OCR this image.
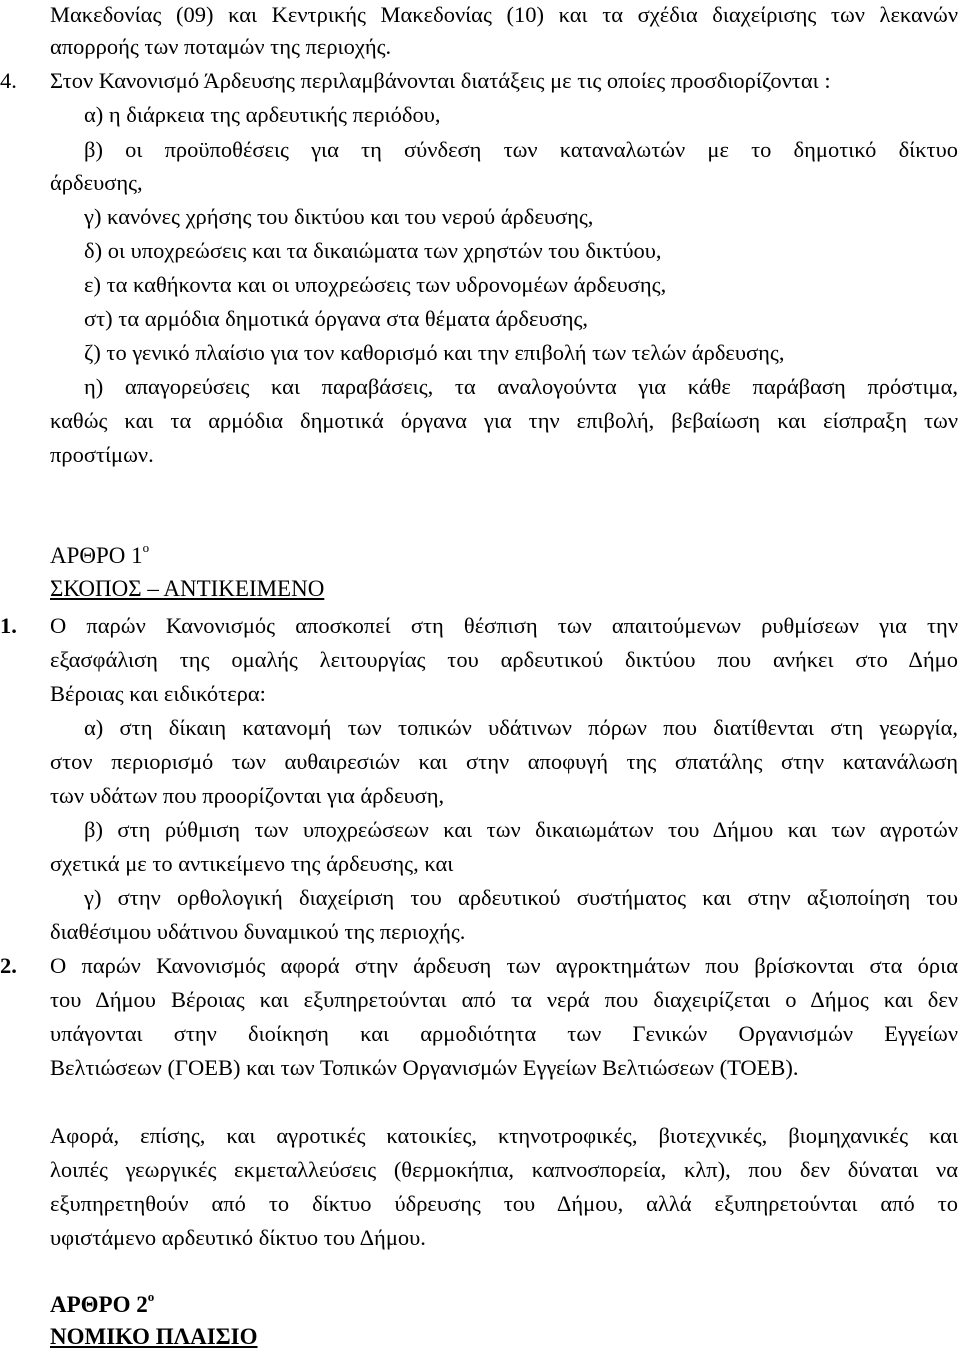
Μακεδονίας (09) και Κεντρικής Μακεδονίας (10) και τα σχέδια διαχείρισης των λεκανών
απορροής των ποταμών της περιοχής.
4. Στον Κανονισμό Άρδευσης περιλαμβάνονται διατάξεις με τις οποίες προσδιορίζονται :
α) η διάρκεια της αρδευτικής περιόδου,
β) οι προϋποθέσεις για τη σύνδεση των καταναλωτών με το δημοτικό δίκτυο
άρδευσης,
γ) κανόνες χρήσης του δικτύου και του νερού άρδευσης,
δ) οι υποχρεώσεις και τα δικαιώματα των χρηστών του δικτύου,
ε) τα καθήκοντα και οι υποχρεώσεις των υδρονομέων άρδευσης,
στ) τα αρμόδια δημοτικά όργανα στα θέματα άρδευσης,
ζ) το γενικό πλαίσιο για τον καθορισμό και την επιβολή των τελών άρδευσης,
η) απαγορεύσεις και παραβάσεις, τα αναλογούντα για κάθε παράβαση πρόστιμα,
καθώς και τα αρμόδια δημοτικά όργανα για την επιβολή, βεβαίωση και είσπραξη των
προστίμων.
ΑΡΘΡΟ $1^o$
ΣΚΟΠΟΣ – ΑΝΤΙΚΕΙΜΕΝΟ
1. Ο παρών Κανονισμός αποσκοπεί στη θέσπιση των απαιτούμενων ρυθμίσεων για την
εξασφάλιση της ομαλής λειτουργίας του αρδευτικού δικτύου που ανήκει στο Δήμο
Βέροιας και ειδικότερα:
α) στη δίκαιη κατανομή των τοπικών υδάτινων πόρων που διατίθενται στη γεωργία,
στον περιορισμό των αυθαιρεσιών και στην αποφυγή της σπατάλης στην κατανάλωση
των υδάτων που προορίζονται για άρδευση,
β) στη ρύθμιση των υποχρεώσεων και των δικαιωμάτων του Δήμου και των αγροτών
σχετικά με το αντικείμενο της άρδευσης, και
γ) στην ορθολογική διαχείριση του αρδευτικού συστήματος και στην αξιοποίηση του
διαθέσιμου υδάτινου δυναμικού της περιοχής.
2. Ο παρών Κανονισμός αφορά στην άρδευση των αγροκτημάτων που βρίσκονται στα όρια
του Δήμου Βέροιας και εξυπηρετούνται από τα νερά που διαχειρίζεται ο Δήμος και δεν
υπάγονται στην διοίκηση και αρμοδιότητα των Γενικών Οργανισμών Εγγείων
Βελτιώσεων (ΓΟΕΒ) και των Τοπικών Οργανισμών Εγγείων Βελτιώσεων (ΤΟΕΒ).
Αφορά, επίσης, και αγροτικές κατοικίες, κτηνοτροφικές, βιοτεχνικές, βιομηχανικές και
λοιπές γεωργικές εκμεταλλεύσεις (θερμοκήπια, καπνοσπορεία, κλπ), που δεν δύναται να
εξυπηρετηθούν από το δίκτυο ύδρευσης του Δήμου, αλλά εξυπηρετούνται από το
υφιστάμενο αρδευτικό δίκτυο του Δήμου.
ΑΡΘΡΟ $2^o$
ΝΟΜΙΚΟ ΠΛΑΙΣΙΟ
